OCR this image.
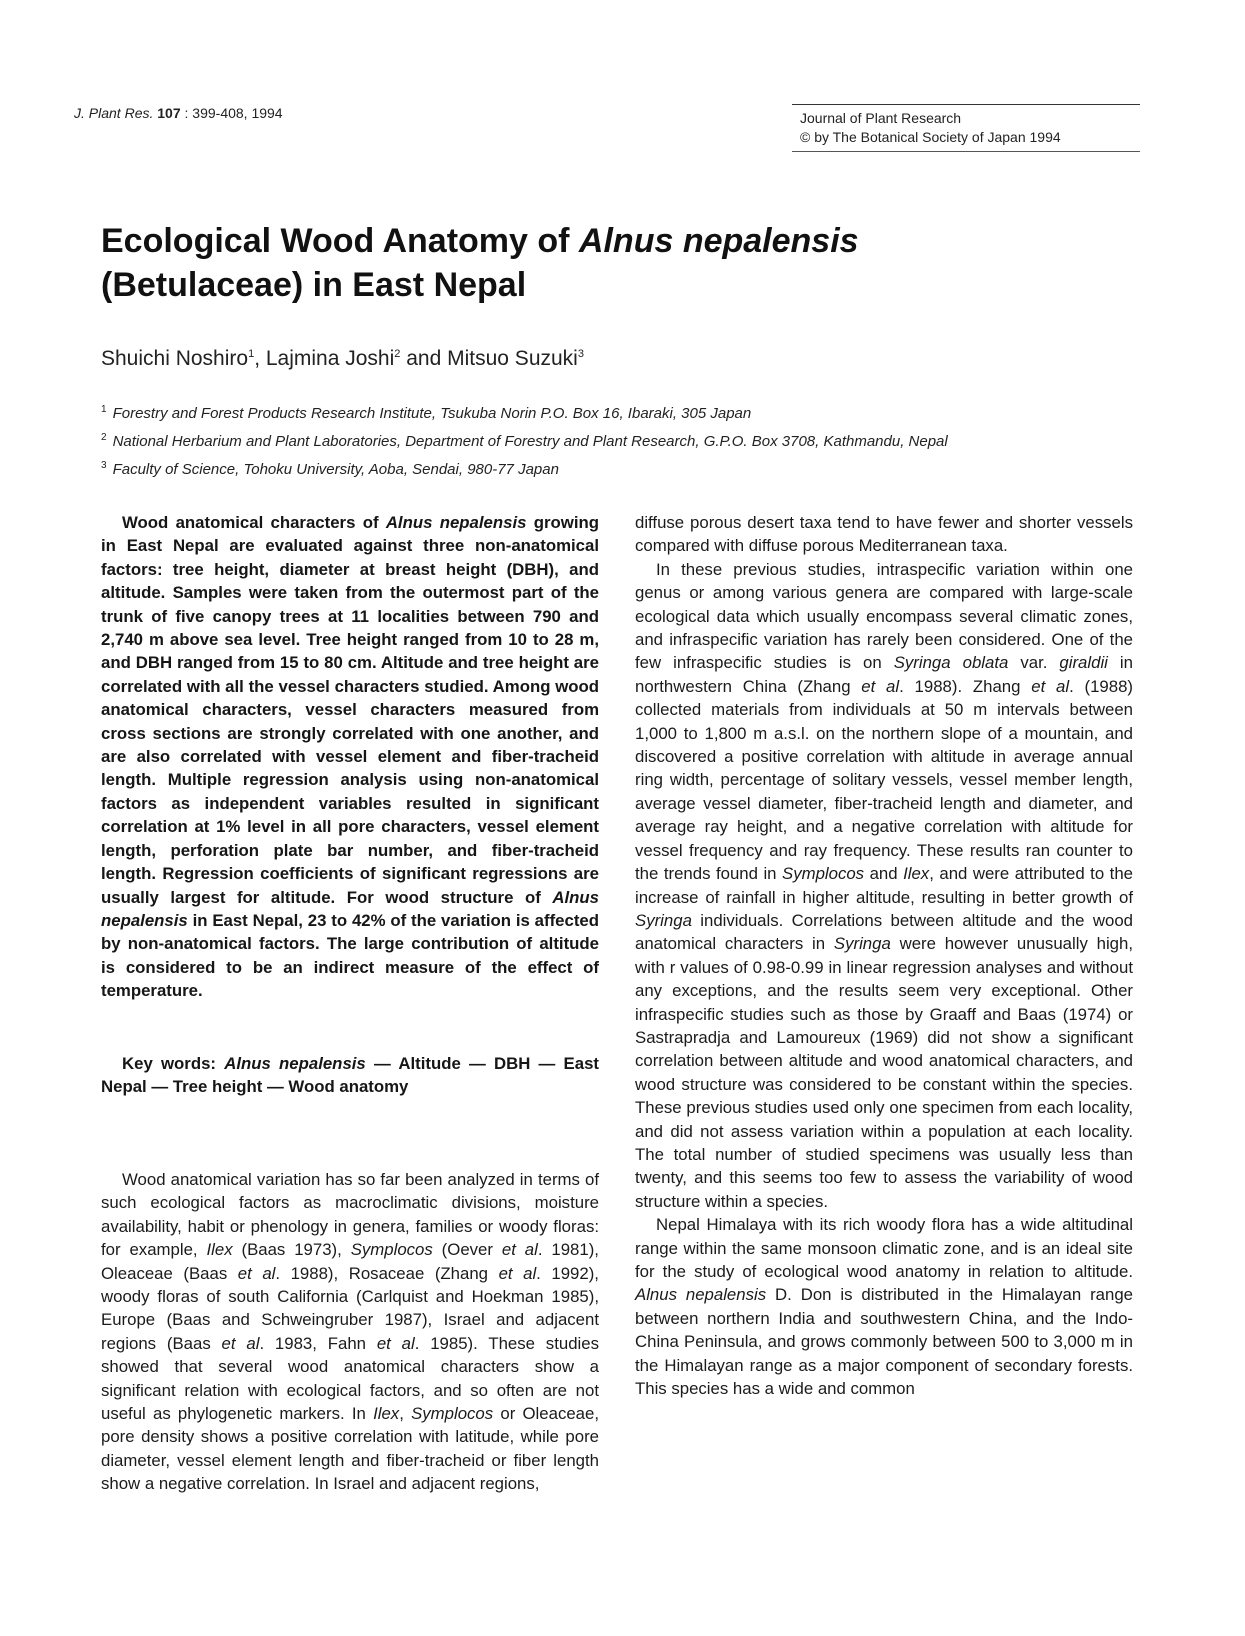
J. Plant Res. 107 : 399-408, 1994	Journal of Plant Research
© by The Botanical Society of Japan 1994
Ecological Wood Anatomy of Alnus nepalensis
(Betulaceae) in East Nepal
Shuichi Noshiro$^1$, Lajmina Joshi$^2$ and Mitsuo Suzuki$^3$
$^1$ Forestry and Forest Products Research Institute, Tsukuba Norin P.O. Box 16, Ibaraki, 305 Japan
$^2$ National Herbarium and Plant Laboratories, Department of Forestry and Plant Research, G.P.O. Box 3708, Kathmandu, Nepal
$^3$ Faculty of Science, Tohoku University, Aoba, Sendai, 980-77 Japan

Wood anatomical characters of Alnus nepalensis growing in East Nepal are evaluated against three non-anatomical factors: tree height, diameter at breast height (DBH), and altitude. Samples were taken from the outermost part of the trunk of five canopy trees at 11 localities between 790 and 2,740 m above sea level. Tree height ranged from 10 to 28 m, and DBH ranged from 15 to 80 cm. Altitude and tree height are correlated with all the vessel characters studied. Among wood anatomical characters, vessel characters measured from cross sections are strongly correlated with one another, and are also correlated with vessel element and fiber-tracheid length. Multiple regression analysis using non-anatomical factors as independent variables resulted in significant correlation at 1% level in all pore characters, vessel element length, perforation plate bar number, and fiber-tracheid length. Regression coefficients of significant regressions are usually largest for altitude. For wood structure of Alnus nepalensis in East Nepal, 23 to 42% of the variation is affected by non-anatomical factors. The large contribution of altitude is considered to be an indirect measure of the effect of temperature.

Key words: Alnus nepalensis — Altitude — DBH — East Nepal — Tree height — Wood anatomy

Wood anatomical variation has so far been analyzed in terms of such ecological factors as macroclimatic divisions, moisture availability, habit or phenology in genera, families or woody floras: for example, Ilex (Baas 1973), Symplocos (Oever et al. 1981), Oleaceae (Baas et al. 1988), Rosaceae (Zhang et al. 1992), woody floras of south California (Carlquist and Hoekman 1985), Europe (Baas and Schweingruber 1987), Israel and adjacent regions (Baas et al. 1983, Fahn et al. 1985). These studies showed that several wood anatomical characters show a significant relation with ecological factors, and so often are not useful as phylogenetic markers. In Ilex, Symplocos or Oleaceae, pore density shows a positive correlation with latitude, while pore diameter, vessel element length and fiber-tracheid or fiber length show a negative correlation. In Israel and adjacent regions,

diffuse porous desert taxa tend to have fewer and shorter vessels compared with diffuse porous Mediterranean taxa.

In these previous studies, intraspecific variation within one genus or among various genera are compared with large-scale ecological data which usually encompass several climatic zones, and infraspecific variation has rarely been considered. One of the few infraspecific studies is on Syringa oblata var. giraldii in northwestern China (Zhang et al. 1988). Zhang et al. (1988) collected materials from individuals at 50 m intervals between 1,000 to 1,800 m a.s.l. on the northern slope of a mountain, and discovered a positive correlation with altitude in average annual ring width, percentage of solitary vessels, vessel member length, average vessel diameter, fiber-tracheid length and diameter, and average ray height, and a negative correlation with altitude for vessel frequency and ray frequency. These results ran counter to the trends found in Symplocos and Ilex, and were attributed to the increase of rainfall in higher altitude, resulting in better growth of Syringa individuals. Correlations between altitude and the wood anatomical characters in Syringa were however unusually high, with r values of 0.98-0.99 in linear regression analyses and without any exceptions, and the results seem very exceptional. Other infraspecific studies such as those by Graaff and Baas (1974) or Sastrapradja and Lamoureux (1969) did not show a significant correlation between altitude and wood anatomical characters, and wood structure was considered to be constant within the species. These previous studies used only one specimen from each locality, and did not assess variation within a population at each locality. The total number of studied specimens was usually less than twenty, and this seems too few to assess the variability of wood structure within a species.

Nepal Himalaya with its rich woody flora has a wide altitudinal range within the same monsoon climatic zone, and is an ideal site for the study of ecological wood anatomy in relation to altitude. Alnus nepalensis D. Don is distributed in the Himalayan range between northern India and southwestern China, and the Indo-China Peninsula, and grows commonly between 500 to 3,000 m in the Himalayan range as a major component of secondary forests. This species has a wide and common
